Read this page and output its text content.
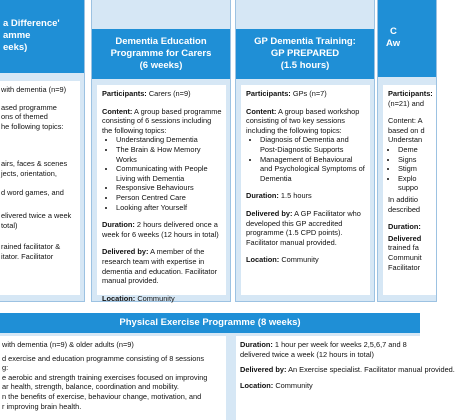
a Difference'
amme
eeks)

with dementia (n=9)

ased programme
ons of themed
he following topics:
airs, faces & scenes
jects, orientation,
d word games, and
elivered twice a week
total)
rained facilitator &
itator. Facilitator
Dementia Education
Programme for Carers
(6 weeks)

Participants: Carers (n=9)

Content: A group based programme consisting of 6 sessions including the following topics:
• Understanding Dementia
• The Brain & How Memory Works
• Communicating with People Living with Dementia
• Responsive Behaviours
• Person Centred Care
• Looking after Yourself

Duration: 2 hours delivered once a week for 6 weeks (12 hours in total)

Delivered by: A member of the research team with expertise in dementia and education. Facilitator manual provided.

Location: Community

GP Dementia Training:
GP PREPARED
(1.5 hours)

Participants: GPs (n=7)

Content: A group based workshop consisting of two key sessions including the following topics:
• Diagnosis of Dementia and Post-Diagnostic Supports
• Management of Behavioural and Psychological Symptoms of Dementia

Duration: 1.5 hours

Delivered by: A GP Facilitator who developed this GP accredited programme (1.5 CPD points). Facilitator manual provided.

Location: Community

C
Aw
Participants:
(n=21) and
Content: A
based on d
Understan
• Deme
• Signs
• Stigm
• Explo
suppo
In additio
described
Duration:
Delivered
trained fa
Communit
Facilitator
Physical Exercise Programme (8 weeks)
with dementia (n=9) & older adults (n=9)
d exercise and education programme consisting of 8 sessions
g:
e aerobic and strength training exercises focused on improving
ar health, strength, balance, coordination and mobility.
n the benefits of exercise, behaviour change, motivation, and
r improving brain health.

Duration: 1 hour per week for weeks 2,5,6,7 and 8 delivered twice a week (12 hours in total)

Delivered by: An Exercise specialist. Facilitator manual provided.

Location: Community
